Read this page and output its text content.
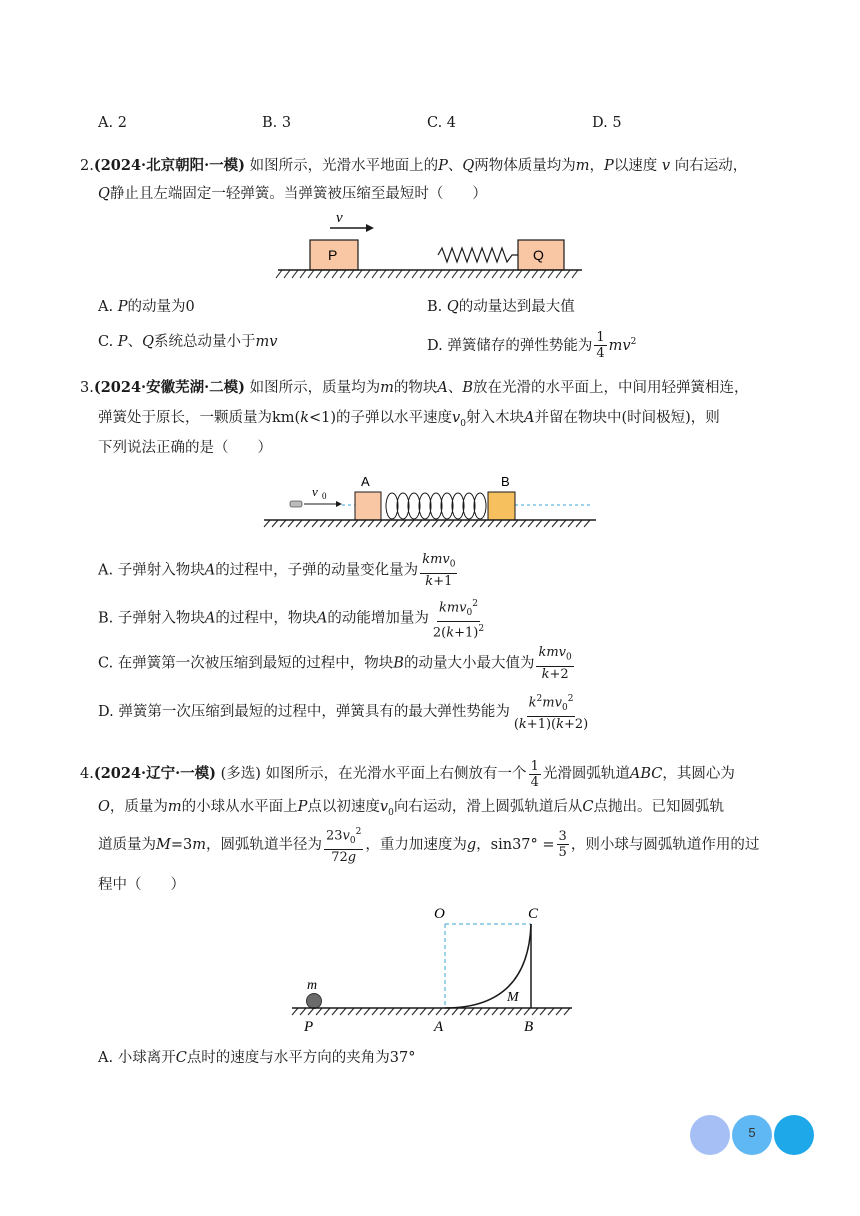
A. 2	B. 3	C. 4	D. 5
2.(2024·北京朝阳·一模) 如图所示，光滑水平地面上的P、Q两物体质量均为m，P以速度 v 向右运动，
Q静止且左端固定一轻弹簧。当弹簧被压缩至最短时（　　）
v
P	Q
A. P的动量为0	B. Q的动量达到最大值
C. P、Q系统总动量小于mv	D. 弹簧储存的弹性势能为 $\frac{1}{4} mv^2$
3.(2024·安徽芜湖·二模) 如图所示，质量均为m的物块A、B放在光滑的水平面上，中间用轻弹簧相连，
弹簧处于原长，一颗质量为km(k<1)的子弹以水平速度$v_0$射入木块A并留在物块中(时间极短)，则
下列说法正确的是（　　）
v 0
A	B
A. 子弹射入物块A的过程中，子弹的动量变化量为 $\frac{kmv_0}{k+1}$
B. 子弹射入物块A的过程中，物块A的动能增加量为 $\frac{kmv_0^2}{2(k+1)^2}$
C. 在弹簧第一次被压缩到最短的过程中，物块B的动量大小最大值为 $\frac{kmv_0}{k+2}$
D. 弹簧第一次压缩到最短的过程中，弹簧具有的最大弹性势能为 $\frac{k^2mv_0^2}{(k+1)(k+2)}$
4.(2024·辽宁·一模) (多选) 如图所示，在光滑水平面上右侧放有一个 $\frac{1}{4}$ 光滑圆弧轨道ABC，其圆心为
O，质量为m的小球从水平面上P点以初速度$v_0$向右运动，滑上圆弧轨道后从C点抛出。已知圆弧轨
道质量为M=3m，圆弧轨道半径为 $\frac{23v_0^2}{72g}$ ，重力加速度为g，$\sin 37^\circ = \frac{3}{5}$ ，则小球与圆弧轨道作用的过
程中（　　）
O	C
M
m
P	A	B
A. 小球离开C点时的速度与水平方向的夹角为37°
5
